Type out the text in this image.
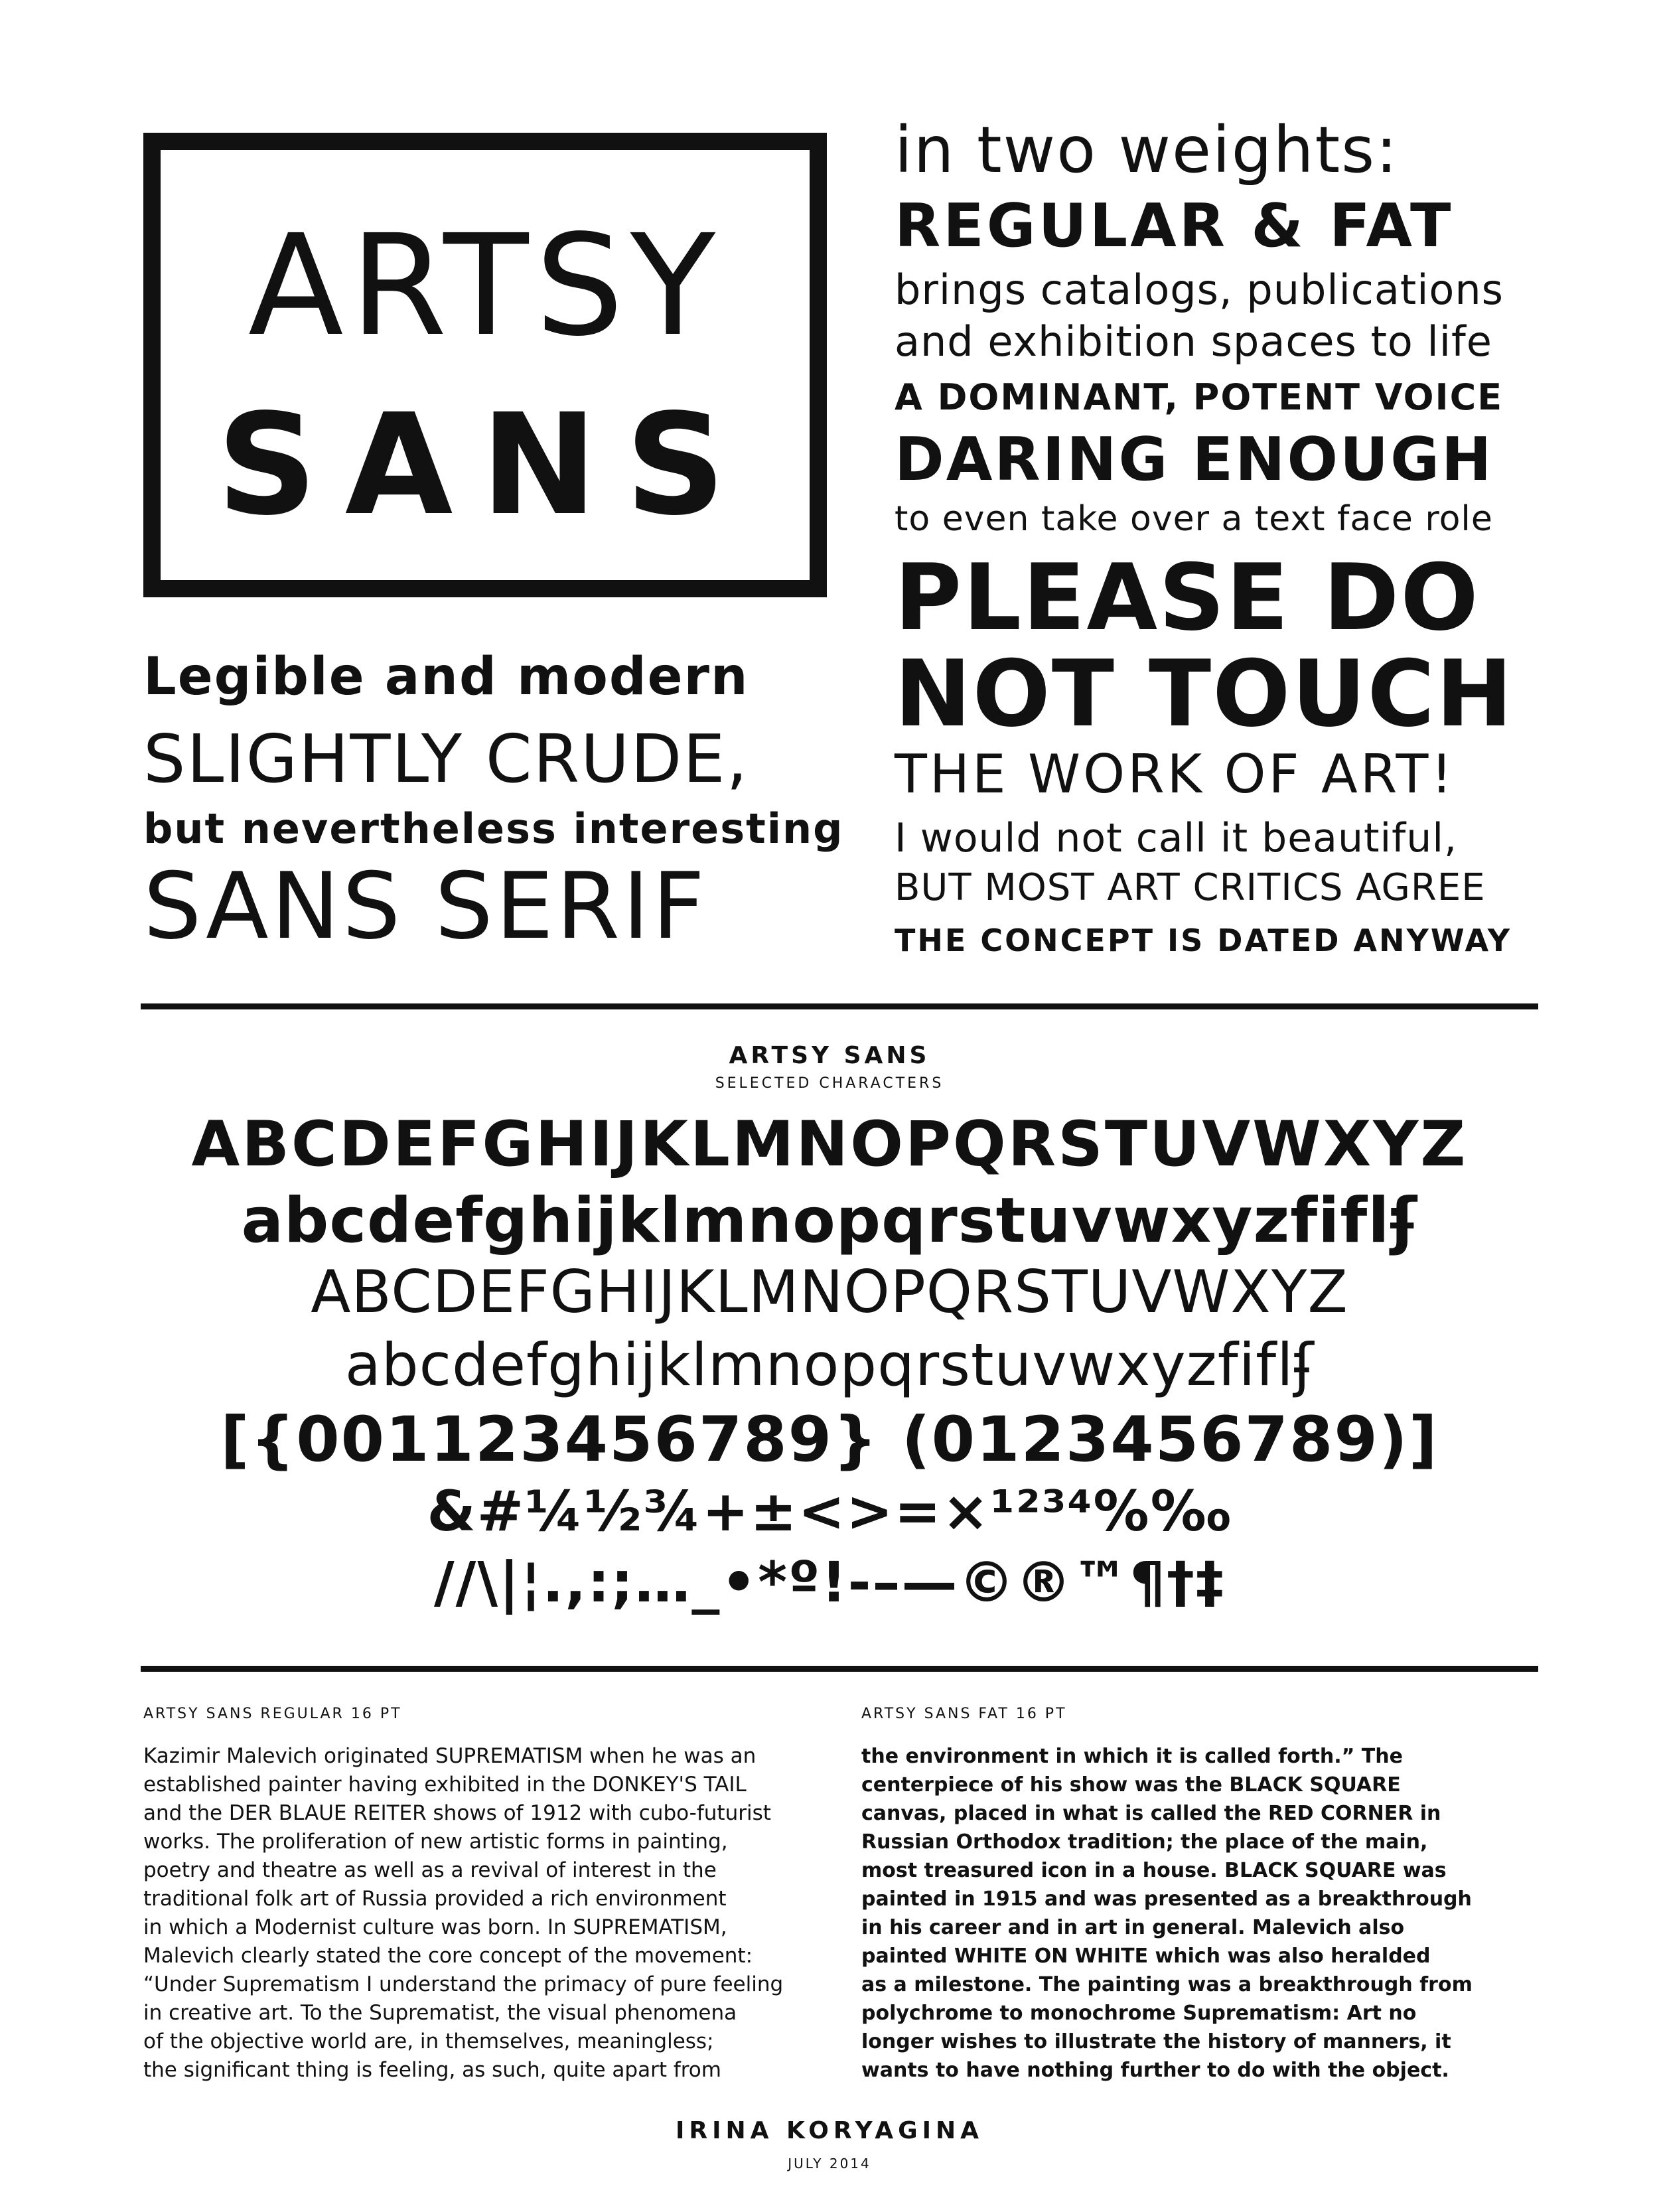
ARTSY
SANS
Legible and modern
SLIGHTLY CRUDE,
but nevertheless interesting
SANS SERIF
in two weights:
REGULAR & FAT
brings catalogs, publications
and exhibition spaces to life
A DOMINANT, POTENT VOICE
DARING ENOUGH
to even take over a text face role
PLEASE DO
NOT TOUCH
THE WORK OF ART!
I would not call it beautiful,
BUT MOST ART CRITICS AGREE
THE CONCEPT IS DATED ANYWAY
ARTSY SANS
SELECTED CHARACTERS
ABCDEFGHIJKLMNOPQRSTUVWXYZ
abcdefghijklmnopqrstuvwxyzfiflʄ
ABCDEFGHIJKLMNOPQRSTUVWXYZ
abcdefghijklmnopqrstuvwxyzfiflʄ
[{001123456789} (0123456789)]
&#¼½¾+±<>=×¹²³⁴%‰
//\|¦.,:;…_•*º!-–—©®™¶†‡
ARTSY SANS REGULAR 16 PT	ARTSY SANS FAT 16 PT
Kazimir Malevich originated SUPREMATISM when he was an
established painter having exhibited in the DONKEY'S TAIL
and the DER BLAUE REITER shows of 1912 with cubo-futurist
works. The proliferation of new artistic forms in painting,
poetry and theatre as well as a revival of interest in the
traditional folk art of Russia provided a rich environment
in which a Modernist culture was born. In SUPREMATISM,
Malevich clearly stated the core concept of the movement:
“Under Suprematism I understand the primacy of pure feeling
in creative art. To the Suprematist, the visual phenomena
of the objective world are, in themselves, meaningless;
the significant thing is feeling, as such, quite apart from
the environment in which it is called forth.” The
centerpiece of his show was the BLACK SQUARE
canvas, placed in what is called the RED CORNER in
Russian Orthodox tradition; the place of the main,
most treasured icon in a house. BLACK SQUARE was
painted in 1915 and was presented as a breakthrough
in his career and in art in general. Malevich also
painted WHITE ON WHITE which was also heralded
as a milestone. The painting was a breakthrough from
polychrome to monochrome Suprematism: Art no
longer wishes to illustrate the history of manners, it
wants to have nothing further to do with the object.
IRINA KORYAGINA
JULY 2014
